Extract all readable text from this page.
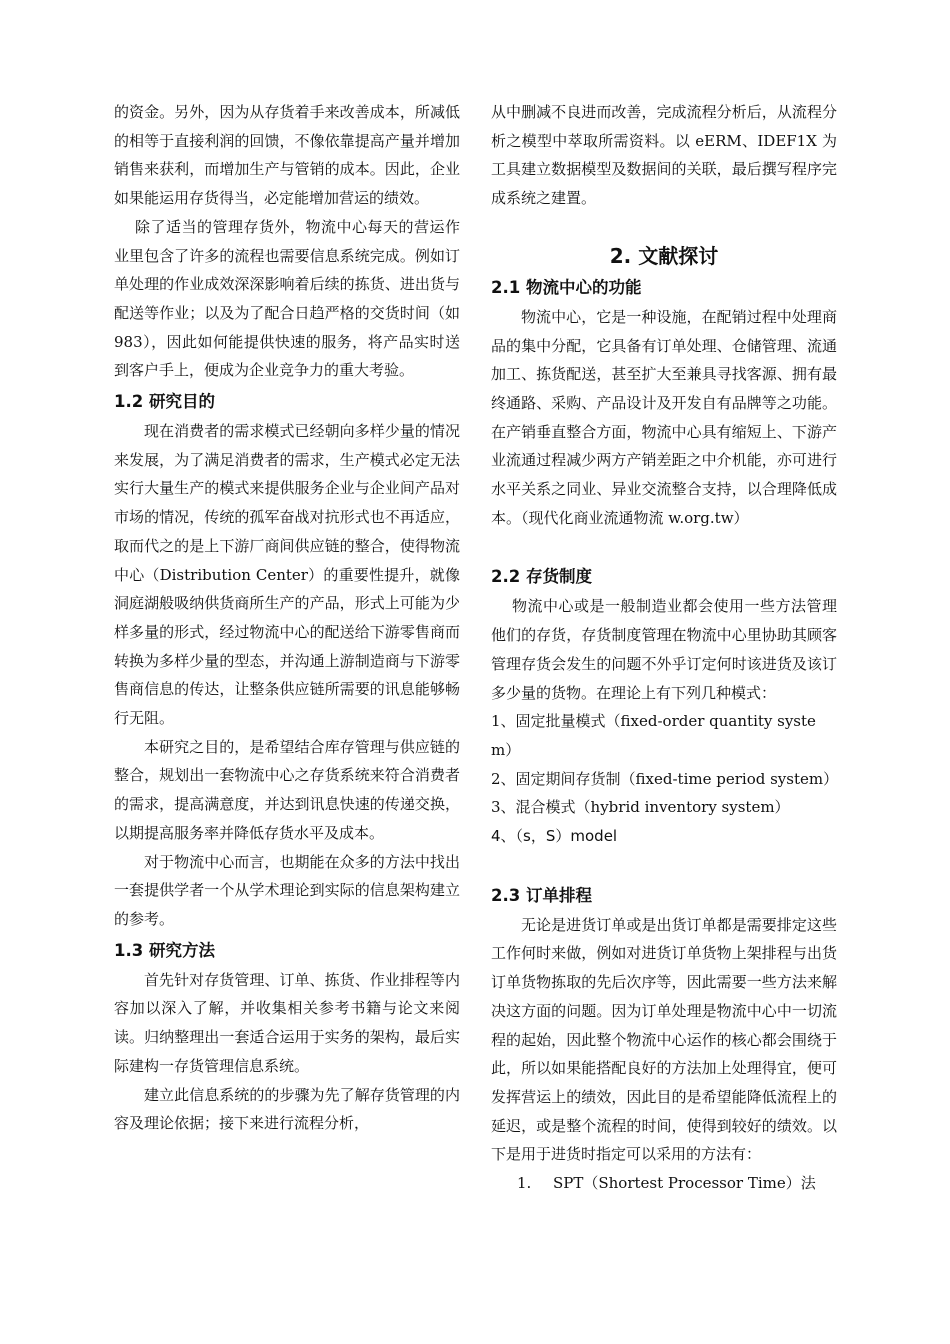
的资金。另外，因为从存货着手来改善成本，所减低的相等于直接利润的回馈，不像依靠提高产量并增加销售来获利，而增加生产与管销的成本。因此，企业如果能运用存货得当，必定能增加营运的绩效。

除了适当的管理存货外，物流中心每天的营运作业里包含了许多的流程也需要信息系统完成。例如订单处理的作业成效深深影响着后续的拣货、进出货与配送等作业；以及为了配合日趋严格的交货时间（如983），因此如何能提供快速的服务，将产品实时送到客户手上，便成为企业竞争力的重大考验。

1.2 研究目的

现在消费者的需求模式已经朝向多样少量的情况来发展，为了满足消费者的需求，生产模式必定无法实行大量生产的模式来提供服务企业与企业间产品对市场的情况，传统的孤军奋战对抗形式也不再适应，取而代之的是上下游厂商间供应链的整合，使得物流中心（Distribution Center）的重要性提升，就像洞庭湖般吸纳供货商所生产的产品，形式上可能为少样多量的形式，经过物流中心的配送给下游零售商而转换为多样少量的型态，并沟通上游制造商与下游零售商信息的传达，让整条供应链所需要的讯息能够畅行无阻。

本研究之目的，是希望结合库存管理与供应链的整合，规划出一套物流中心之存货系统来符合消费者的需求，提高满意度，并达到讯息快速的传递交换，以期提高服务率并降低存货水平及成本。

对于物流中心而言，也期能在众多的方法中找出一套提供学者一个从学术理论到实际的信息架构建立的参考。

1.3 研究方法

首先针对存货管理、订单、拣货、作业排程等内容加以深入了解，并收集相关参考书籍与论文来阅读。归纳整理出一套适合运用于实务的架构，最后实际建构一存货管理信息系统。

建立此信息系统的的步骤为先了解存货管理的内容及理论依据；接下来进行流程分析，

从中删减不良进而改善，完成流程分析后，从流程分析之模型中萃取所需资料。以 eERM、IDEF1X 为工具建立数据模型及数据间的关联，最后撰写程序完成系统之建置。

2. 文献探讨
2.1 物流中心的功能

物流中心，它是一种设施，在配销过程中处理商品的集中分配，它具备有订单处理、仓储管理、流通加工、拣货配送，甚至扩大至兼具寻找客源、拥有最终通路、采购、产品设计及开发自有品牌等之功能。在产销垂直整合方面，物流中心具有缩短上、下游产业流通过程减少两方产销差距之中介机能，亦可进行水平关系之同业、异业交流整合支持，以合理降低成本。（现代化商业流通物流 w.org.tw）

2.2 存货制度

物流中心或是一般制造业都会使用一些方法管理他们的存货，存货制度管理在物流中心里协助其顾客管理存货会发生的问题不外乎订定何时该进货及该订多少量的货物。在理论上有下列几种模式：

1、固定批量模式（fixed-order quantity system）

2、固定期间存货制（fixed-time period system）

3、混合模式（hybrid inventory system）

4、（s，S）model

2.3 订单排程

无论是进货订单或是出货订单都是需要排定这些工作何时来做，例如对进货订单货物上架排程与出货订单货物拣取的先后次序等，因此需要一些方法来解决这方面的问题。因为订单处理是物流中心中一切流程的起始，因此整个物流中心运作的核心都会围绕于此，所以如果能搭配良好的方法加上处理得宜，便可发挥营运上的绩效，因此目的是希望能降低流程上的延迟，或是整个流程的时间，使得到较好的绩效。以下是用于进货时指定可以采用的方法有：

1. SPT（Shortest Processor Time）法
